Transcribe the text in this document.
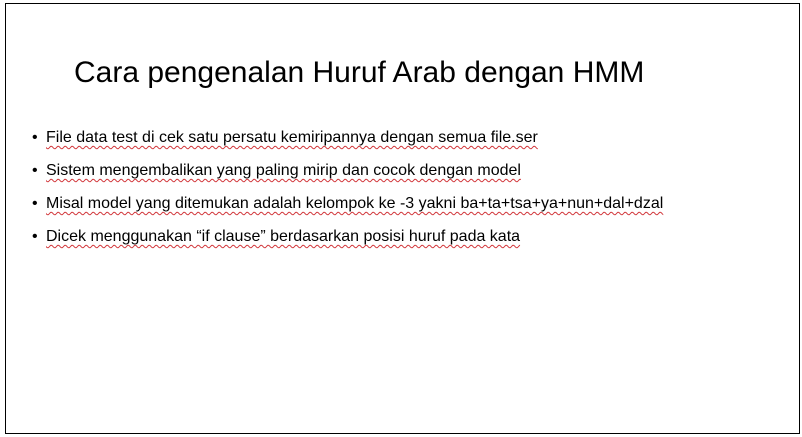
Cara pengenalan Huruf Arab dengan HMM
• File data test di cek satu persatu kemiripannya dengan semua file.ser
• Sistem mengembalikan yang paling mirip dan cocok dengan model
• Misal model yang ditemukan adalah kelompok ke -3 yakni ba+ta+tsa+ya+nun+dal+dzal
• Dicek menggunakan “if clause” berdasarkan posisi huruf pada kata
